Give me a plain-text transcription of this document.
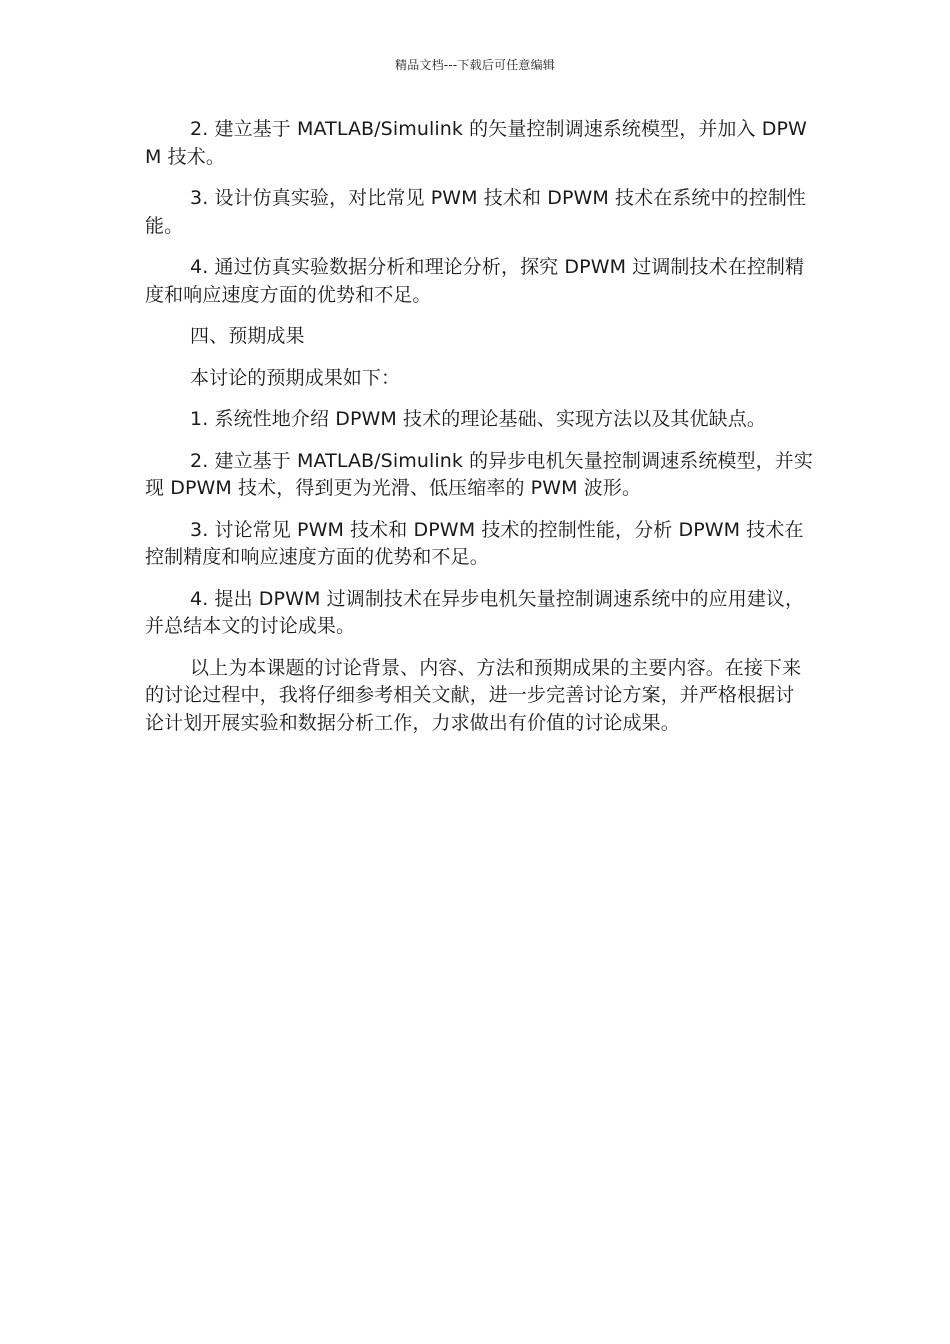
精品文档---下载后可任意编辑

2. 建立基于 MATLAB/Simulink 的矢量控制调速系统模型，并加入 DPWM 技术。

3. 设计仿真实验，对比常见 PWM 技术和 DPWM 技术在系统中的控制性能。

4. 通过仿真实验数据分析和理论分析，探究 DPWM 过调制技术在控制精度和响应速度方面的优势和不足。

四、预期成果

本讨论的预期成果如下：

1. 系统性地介绍 DPWM 技术的理论基础、实现方法以及其优缺点。

2. 建立基于 MATLAB/Simulink 的异步电机矢量控制调速系统模型，并实现 DPWM 技术，得到更为光滑、低压缩率的 PWM 波形。

3. 讨论常见 PWM 技术和 DPWM 技术的控制性能，分析 DPWM 技术在控制精度和响应速度方面的优势和不足。

4. 提出 DPWM 过调制技术在异步电机矢量控制调速系统中的应用建议，并总结本文的讨论成果。

以上为本课题的讨论背景、内容、方法和预期成果的主要内容。在接下来的讨论过程中，我将仔细参考相关文献，进一步完善讨论方案，并严格根据讨论计划开展实验和数据分析工作，力求做出有价值的讨论成果。
